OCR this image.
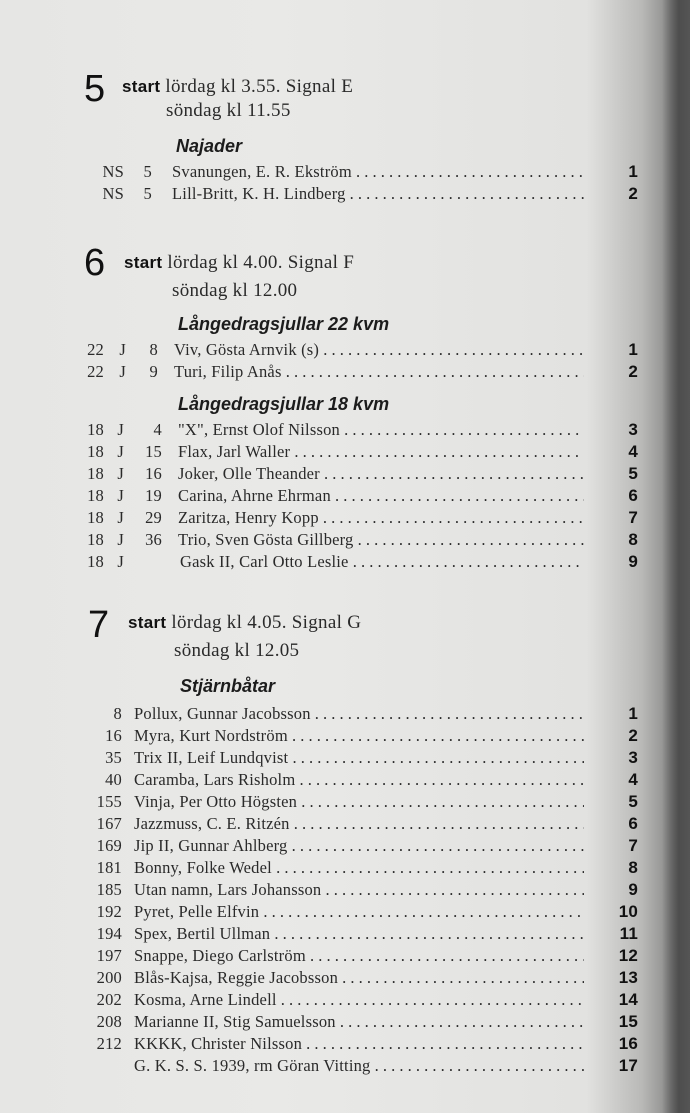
5 start lördag kl 3.55. Signal E
söndag kl 11.55
Najader
NS	5 Svanungen, E. R. Ekström . . .	1
NS	5 Lill-Britt, K. H. Lindberg . . .	2
6 start lördag kl 4.00. Signal F
söndag kl 12.00
Långedragsjullar 22 kvm
22 J	8 Viv, Gösta Arnvik (s) . . .	1
22 J	9 Turi, Filip Anås . . .	2
Långedragsjullar 18 kvm
18 J	4 "X", Ernst Olof Nilsson . . .	3
18 J	15 Flax, Jarl Waller . . .	4
18 J	16 Joker, Olle Theander . . .	5
18 J	19 Carina, Ahrne Ehrman . . .	6
18 J	29 Zaritza, Henry Kopp . . .	7
18 J	36 Trio, Sven Gösta Gillberg . . .	8
18 J	Gask II, Carl Otto Leslie . . .	9
7 start lördag kl 4.05. Signal G
söndag kl 12.05
Stjärnbåtar
8 Pollux, Gunnar Jacobsson . . .	1
16 Myra, Kurt Nordström . . .	2
35 Trix II, Leif Lundqvist . . .	3
40 Caramba, Lars Risholm . . .	4
155 Vinja, Per Otto Högsten . . .	5
167 Jazzmuss, C. E. Ritzén . . .	6
169 Jip II, Gunnar Ahlberg . . .	7
181 Bonny, Folke Wedel . . .	8
185 Utan namn, Lars Johansson . . .	9
192 Pyret, Pelle Elfvin . . .	10
194 Spex, Bertil Ullman . . .	11
197 Snappe, Diego Carlström . . .	12
200 Blås-Kajsa, Reggie Jacobsson . . .	13
202 Kosma, Arne Lindell . . .	14
208 Marianne II, Stig Samuelsson . . .	15
212 KKKK, Christer Nilsson . . .	16
G. K. S. S. 1939, rm Göran Vitting . . .	17
